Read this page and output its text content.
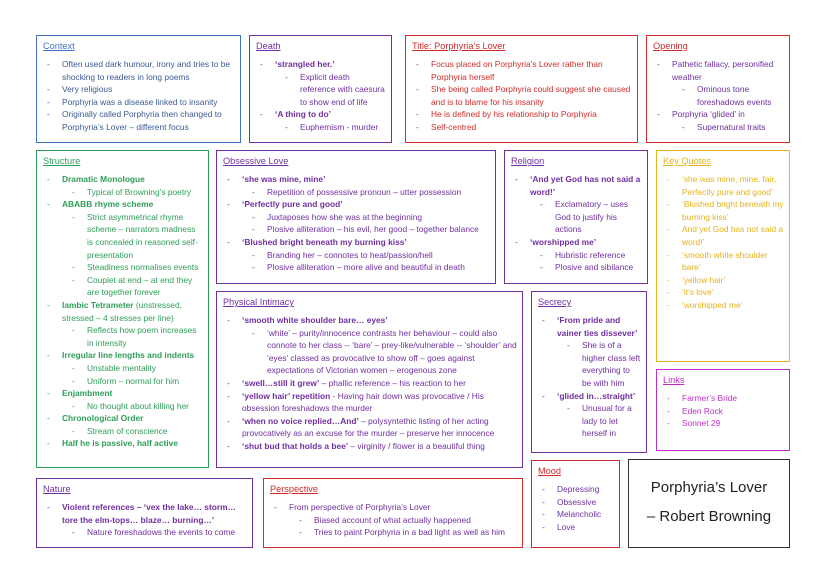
Context
- Often used dark humour, irony and tries to be shocking to readers in long poems
- Very religious
- Porphyria was a disease linked to insanity
- Originally called Porphyria then changed to Porphyria’s Lover – different focus
Death
- ‘strangled her.’
- Explicit death reference with caesura to show end of life
- ‘A thing to do’
- Euphemism - murder
Title: Porphyria’s Lover
- Focus placed on Porphyria’s Lover rather than Porphyria herself
- She being called Porphyria could suggest she caused and is to blame for his insanity
- He is defined by his relationship to Porphyria
- Self-centred
Opening
- Pathetic fallacy, personified weather
- Ominous tone foreshadows events
- Porphyria ‘glided’ in
- Supernatural traits
Structure
- Dramatic Monologue
- Typical of Browning’s poetry
- ABABB rhyme scheme
- Strict asymmetrical rhyme scheme – narrators madness is concealed in reasoned self-presentation
- Steadiness normalises events
- Couplet at end – at end they are together forever
- Iambic Tetrameter (unstressed, stressed – 4 stresses per line)
- Reflects how poem increases in intensity
- Irregular line lengths and indents
- Unstable mentality
- Uniform – normal for him
- Enjambment
- No thought about killing her
- Chronological Order
- Stream of conscience
- Half he is passive, half active
Obsessive Love
- ‘she was mine, mine’
- Repetition of possessive pronoun – utter possession
- ‘Perfectly pure and good’
- Juxtaposes how she was at the beginning
- Plosive alliteration – his evil, her good – together balance
- ‘Blushed bright beneath my burning kiss’
- Branding her – connotes to heat/passion/hell
- Plosive alliteration – more alive and beautiful in death
Religion
- ‘And yet God has not said a word!’
- Exclamatory – uses God to justify his actions
- ‘worshipped me’
- Hubristic reference
- Plosive and sibilance
Key Quotes
- ‘she was mine, mine. fair, Perfectly pure and good’
- ‘Blushed bright beneath my burning kiss’
- And yet God has not said a word!’
- ‘smooth white shoulder bare’
- ‘yellow hair’
- ‘it’s love’
- ‘worshipped me’
Physical Intimacy
- ‘smooth white shoulder bare… eyes’
- ‘white’ – purity/innocence contrasts her behaviour – could also connote to her class -- ‘bare’ – prey-like/vulnerable -- ‘shoulder’ and ‘eyes’ classed as provocative to show off – goes against expectations of Victorian women – erogenous zone
- ‘swell…still it grew’ – phallic reference – his reaction to her
- ‘yellow hair’ repetition - Having hair down was provocative / His obsession foreshadows the murder
- ‘when no voice replied…And’ – polysyntethic listing of her acting provocatively as an excuse for the murder – preserve her innocence
- ‘shut bud that holds a bee’ – virginity / flower is a beautiful thing
Secrecy
- ‘From pride and vainer ties dissever’
- She is of a higher class left everything to be with him
- ‘glided in…straight’
- Unusual for a lady to let herself in
Links
- Farmer’s Bride
- Eden Rock
- Sonnet 29
Nature
- Violent references – ‘vex the lake… storm… tore the elm-tops… blaze… burning…’
- Nature foreshadows the events to come
Perspective
- From perspective of Porphyria’s Lover
- Biased account of what actually happened
- Tries to paint Porphyria in a bad light as well as him
Mood
- Depressing
- Obsessive
- Melancholic
- Love
Porphyria’s Lover
– Robert Browning
